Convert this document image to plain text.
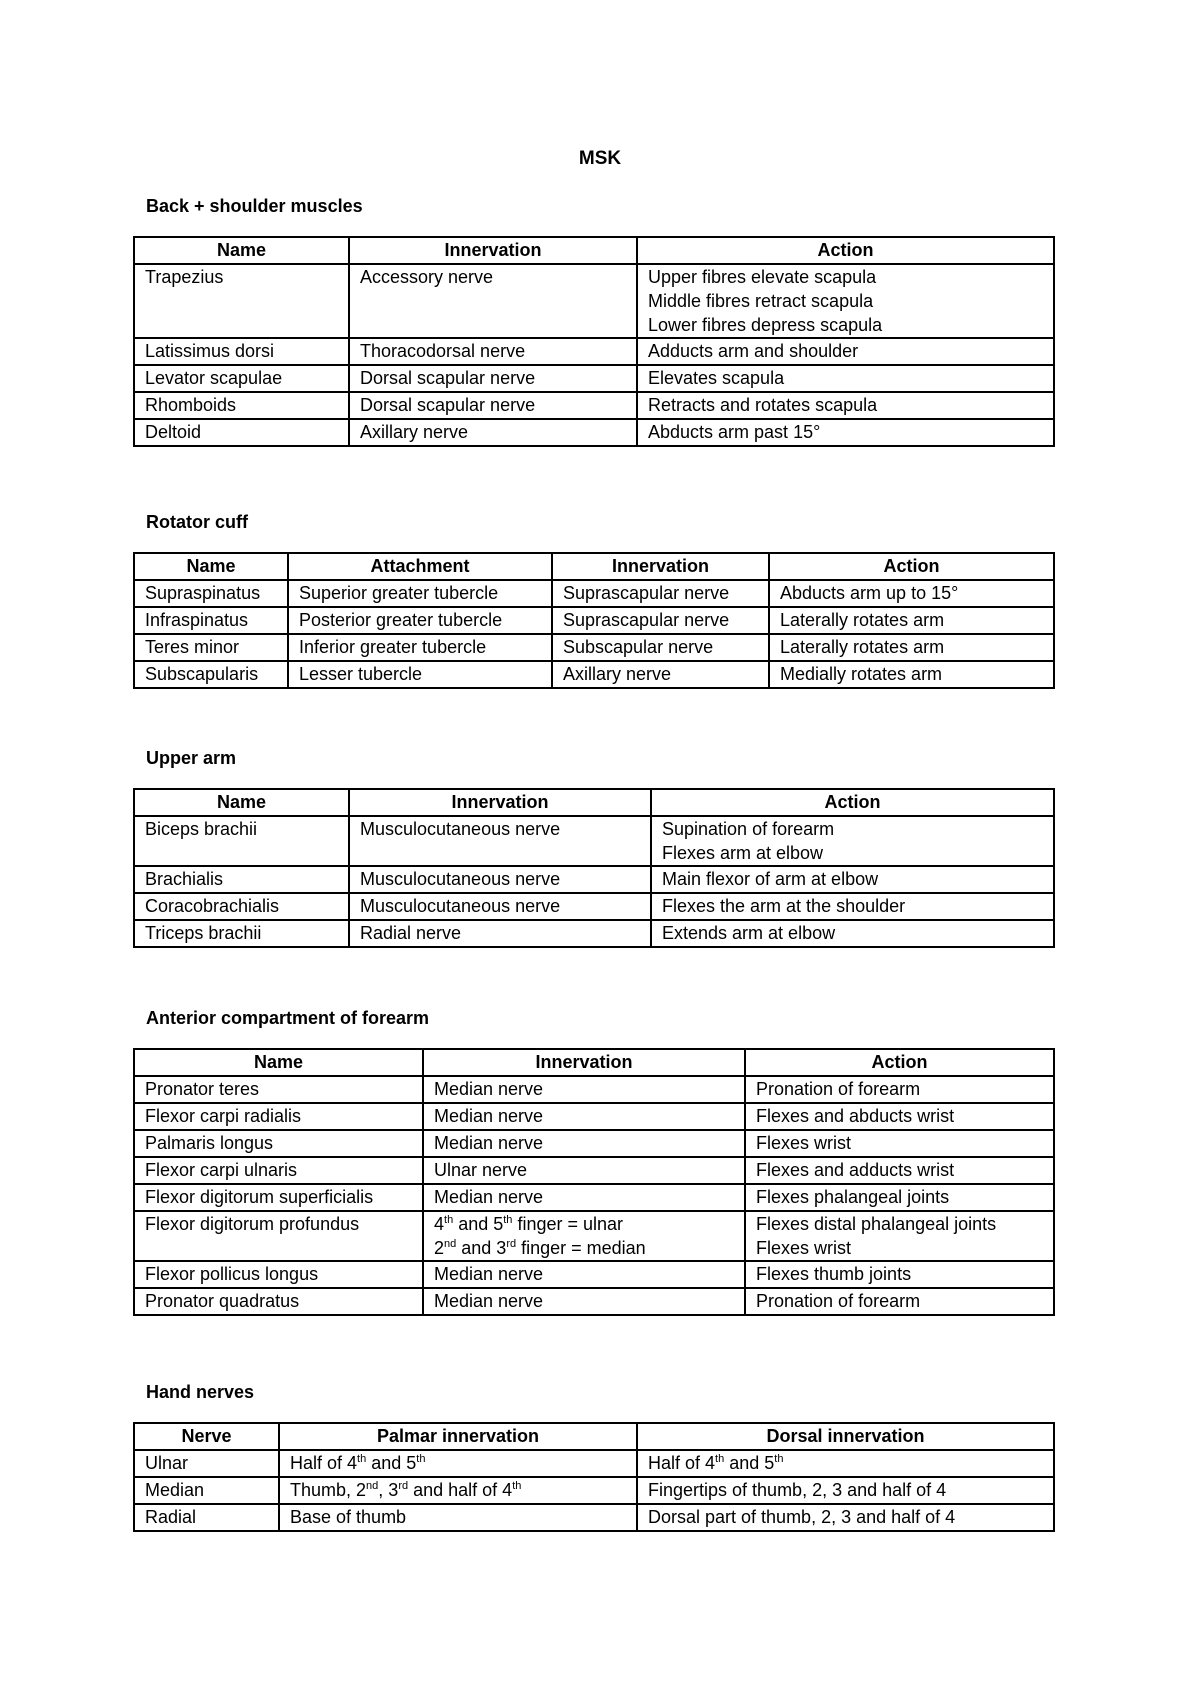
MSK
Back + shoulder muscles
Name	Innervation	Action
Trapezius	Accessory nerve	Upper fibres elevate scapula
Middle fibres retract scapula
Lower fibres depress scapula

Latissimus dorsi	Thoracodorsal nerve	Adducts arm and shoulder

Levator scapulae	Dorsal scapular nerve	Elevates scapula

Rhomboids	Dorsal scapular nerve	Retracts and rotates scapula

Deltoid	Axillary nerve	Abducts arm past 15°
Rotator cuff
Name	Attachment	Innervation	Action
Supraspinatus	Superior greater tubercle	Suprascapular nerve	Abducts arm up to 15°
Infraspinatus	Posterior greater tubercle	Suprascapular nerve	Laterally rotates arm
Teres minor	Inferior greater tubercle	Subscapular nerve	Laterally rotates arm
Subscapularis	Lesser tubercle	Axillary nerve	Medially rotates arm
Upper arm
Name	Innervation	Action
Biceps brachii	Musculocutaneous nerve	Supination of forearm
Flexes arm at elbow

Brachialis	Musculocutaneous nerve	Main flexor of arm at elbow

Coracobrachialis	Musculocutaneous nerve	Flexes the arm at the shoulder

Triceps brachii	Radial nerve	Extends arm at elbow
Anterior compartment of forearm
Name	Innervation	Action
Pronator teres	Median nerve	Pronation of forearm

Flexor carpi radialis	Median nerve	Flexes and abducts wrist

Palmaris longus	Median nerve	Flexes wrist

Flexor carpi ulnaris	Ulnar nerve	Flexes and adducts wrist

Flexor digitorum superficialis	Median nerve	Flexes phalangeal joints

Flexor digitorum profundus	4th and 5th finger = ulnar
2nd and 3rd finger = median	Flexes distal phalangeal joints
Flexes wrist

Flexor pollicus longus	Median nerve	Flexes thumb joints

Pronator quadratus	Median nerve	Pronation of forearm
Hand nerves
Nerve	Palmar innervation	Dorsal innervation
Ulnar	Half of 4th and 5th	Half of 4th and 5th
Median	Thumb, 2nd, 3rd and half of 4th	Fingertips of thumb, 2, 3 and half of 4
Radial	Base of thumb	Dorsal part of thumb, 2, 3 and half of 4
